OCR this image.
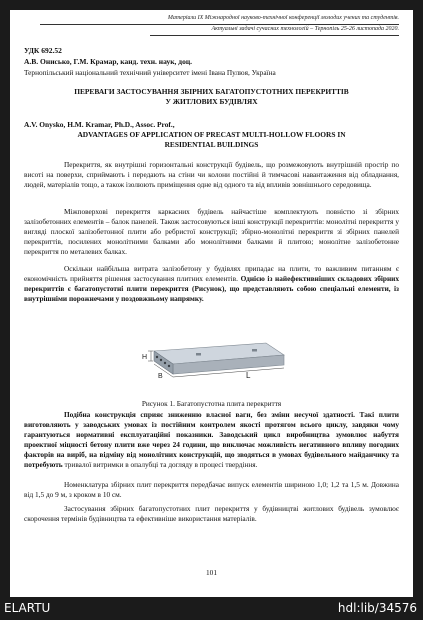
Матеріали IX Міжнародної науково-технічної конференції молодих учених та студентів.
Актуальні задачі сучасних технологій – Тернопіль 25-26 листопада 2020.
УДК 692.52
А.В. Онисько, Г.М. Крамар, канд. техн. наук, доц.
Тернопільський національний технічний університет імені Івана Пулюя, Україна
ПЕРЕВАГИ ЗАСТОСУВАННЯ ЗБІРНИХ БАГАТОПУСТОТНИХ ПЕРЕКРИТТІВ
У ЖИТЛОВИХ БУДІВЛЯХ
A.V. Onysko, H.M. Kramar, Ph.D., Assoc. Prof.,
ADVANTAGES OF APPLICATION OF PRECAST MULTI-HOLLOW FLOORS IN
RESIDENTIAL BUILDINGS
Перекриття, як внутрішні горизонтальні конструкції будівель, що розмежовують внутрішній простір по висоті на поверхи, сприймають і передають на стіни чи колони постійні й тимчасові навантаження від обладнання, людей, матеріалів тощо, а також ізолюють приміщення одне від одного та від впливів зовнішнього середовища.
Міжповерхові перекриття каркасних будівель найчастіше комплектують повністю зі збірних залізобетонних елементів – балок панелей. Також застосовуються інші конструкції перекриттів: монолітні перекриття у вигляді плоскої залізобетонної плити або ребристої конструкції; збірно-монолітні перекриття зі збірних панелей перекриттів, посилених монолітними балками або монолітними балками й плитою; монолітне залізобетонне перекриття по металевих балках.
Оскільки найбільша витрата залізобетону у будівлях припадає на плити, то важливим питанням є економічність прийняття рішення застосування плитних елементів. Однією із найефективніших складових збірних перекриттів є багатопустотні плити перекриття (Рисунок), що представляють собою спеціальні елементи, із внутрішніми порожнечами у поздовжньому напрямку.
L
B
H
Рисунок 1. Багатопустотна плита перекриття
Подібна конструкція сприяє зниженню власної ваги, без зміни несучої здатності. Такі плити виготовляють у заводських умовах із постійним контролем якості протягом всього циклу, завдяки чому гарантуються нормативні експлуатаційні показники. Заводський цикл виробництва зумовлює набуття проектної міцності бетону плити вже через 24 години, що виключає можливість негативного впливу погодних факторів на виріб, на відміну від монолітних конструкцій, що зводяться в умовах будівельного майданчику та потребують тривалої витримки в опалубці та догляду в процесі твердіння.
Номенклатура збірних плит перекриття передбачає випуск елементів шириною 1,0; 1,2 та 1,5 м. Довжина від 1,5 до 9 м, з кроком в 10 см.
Застосування збірних багатопустотних плит перекриття у будівництві житлових будівель зумовлює скорочення термінів будівництва та ефективніше використання матеріалів.
101
ELARTU	hdl:lib/34576
